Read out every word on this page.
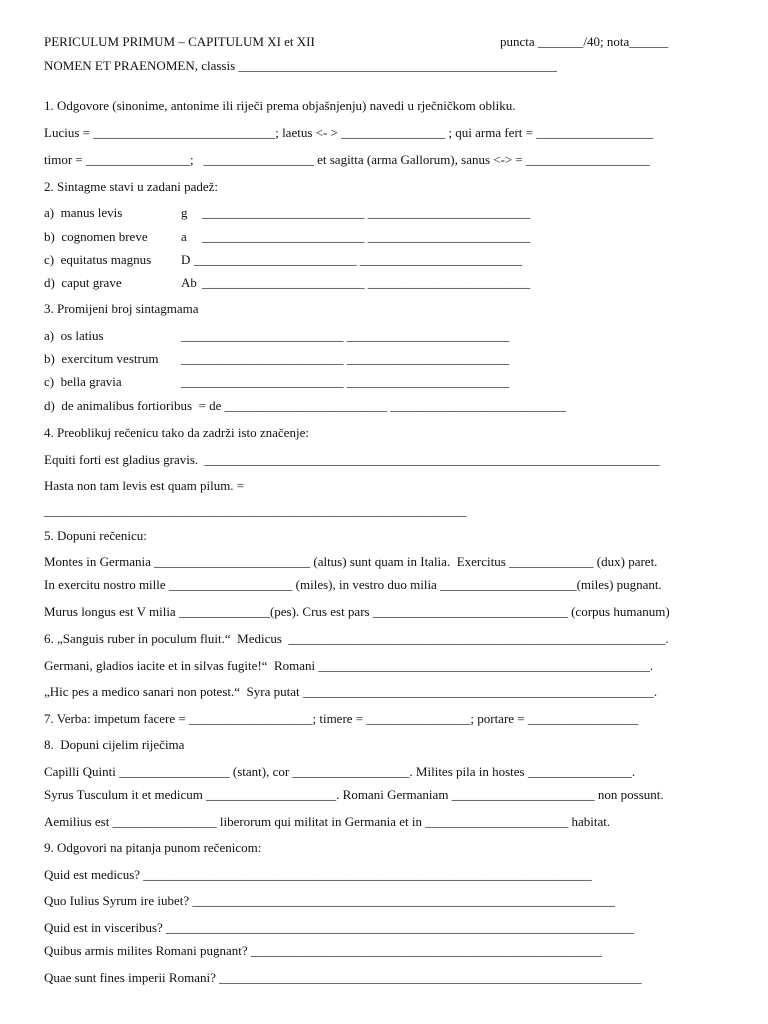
PERICULUM PRIMUM – CAPITULUM XI et XII	puncta _______/40; nota______
NOMEN ET PRAENOMEN, classis _________________________________________________
1. Odgovore (sinonime, antonime ili riječi prema objašnjenju) navedi u rječničkom obliku.
Lucius = ____________________________; laetus <- > ________________ ; qui arma fert = __________________
timor = ________________;   _________________ et sagitta (arma Gallorum), sanus <-> = ___________________
2. Sintagme stavi u zadani padež:
a)  manus levis	g _________________________ _________________________
b)  cognomen breve	a _________________________ _________________________
c)  equitatus magnus D _________________________ _________________________
d)  caput grave	Ab _________________________ _________________________
3. Promijeni broj sintagmama
a)  os latius	_________________________ _________________________
b)  exercitum vestrum _________________________ _________________________
c)  bella gravia	_________________________ _________________________
d)  de animalibus fortioribus  = de _________________________ ___________________________
4. Preoblikuj rečenicu tako da zadrži isto značenje:
Equiti forti est gladius gravis.  ______________________________________________________________________
Hasta non tam levis est quam pilum. =
_________________________________________________________________
5. Dopuni rečenicu:
Montes in Germania ________________________ (altus) sunt quam in Italia.  Exercitus _____________ (dux) paret.
In exercitu nostro mille ___________________ (miles), in vestro duo milia _____________________(miles) pugnant.
Murus longus est V milia ______________(pes). Crus est pars ______________________________ (corpus humanum)
6. „Sanguis ruber in poculum fluit.“  Medicus  __________________________________________________________.
Germani, gladios iacite et in silvas fugite!“  Romani ___________________________________________________.
„Hic pes a medico sanari non potest.“  Syra putat ______________________________________________________.
7. Verba: impetum facere = ___________________; timere = ________________; portare = _________________
8.  Dopuni cijelim riječima
Capilli Quinti _________________ (stant), cor __________________. Milites pila in hostes ________________.
Syrus Tusculum it et medicum ____________________. Romani Germaniam ______________________ non possunt.
Aemilius est ________________ liberorum qui militat in Germania et in ______________________ habitat.
9. Odgovori na pitanja punom rečenicom:
Quid est medicus? _____________________________________________________________________
Quo Iulius Syrum ire iubet? _________________________________________________________________
Quid est in visceribus? ________________________________________________________________________
Quibus armis milites Romani pugnant? ______________________________________________________
Quae sunt fines imperii Romani? _________________________________________________________________
